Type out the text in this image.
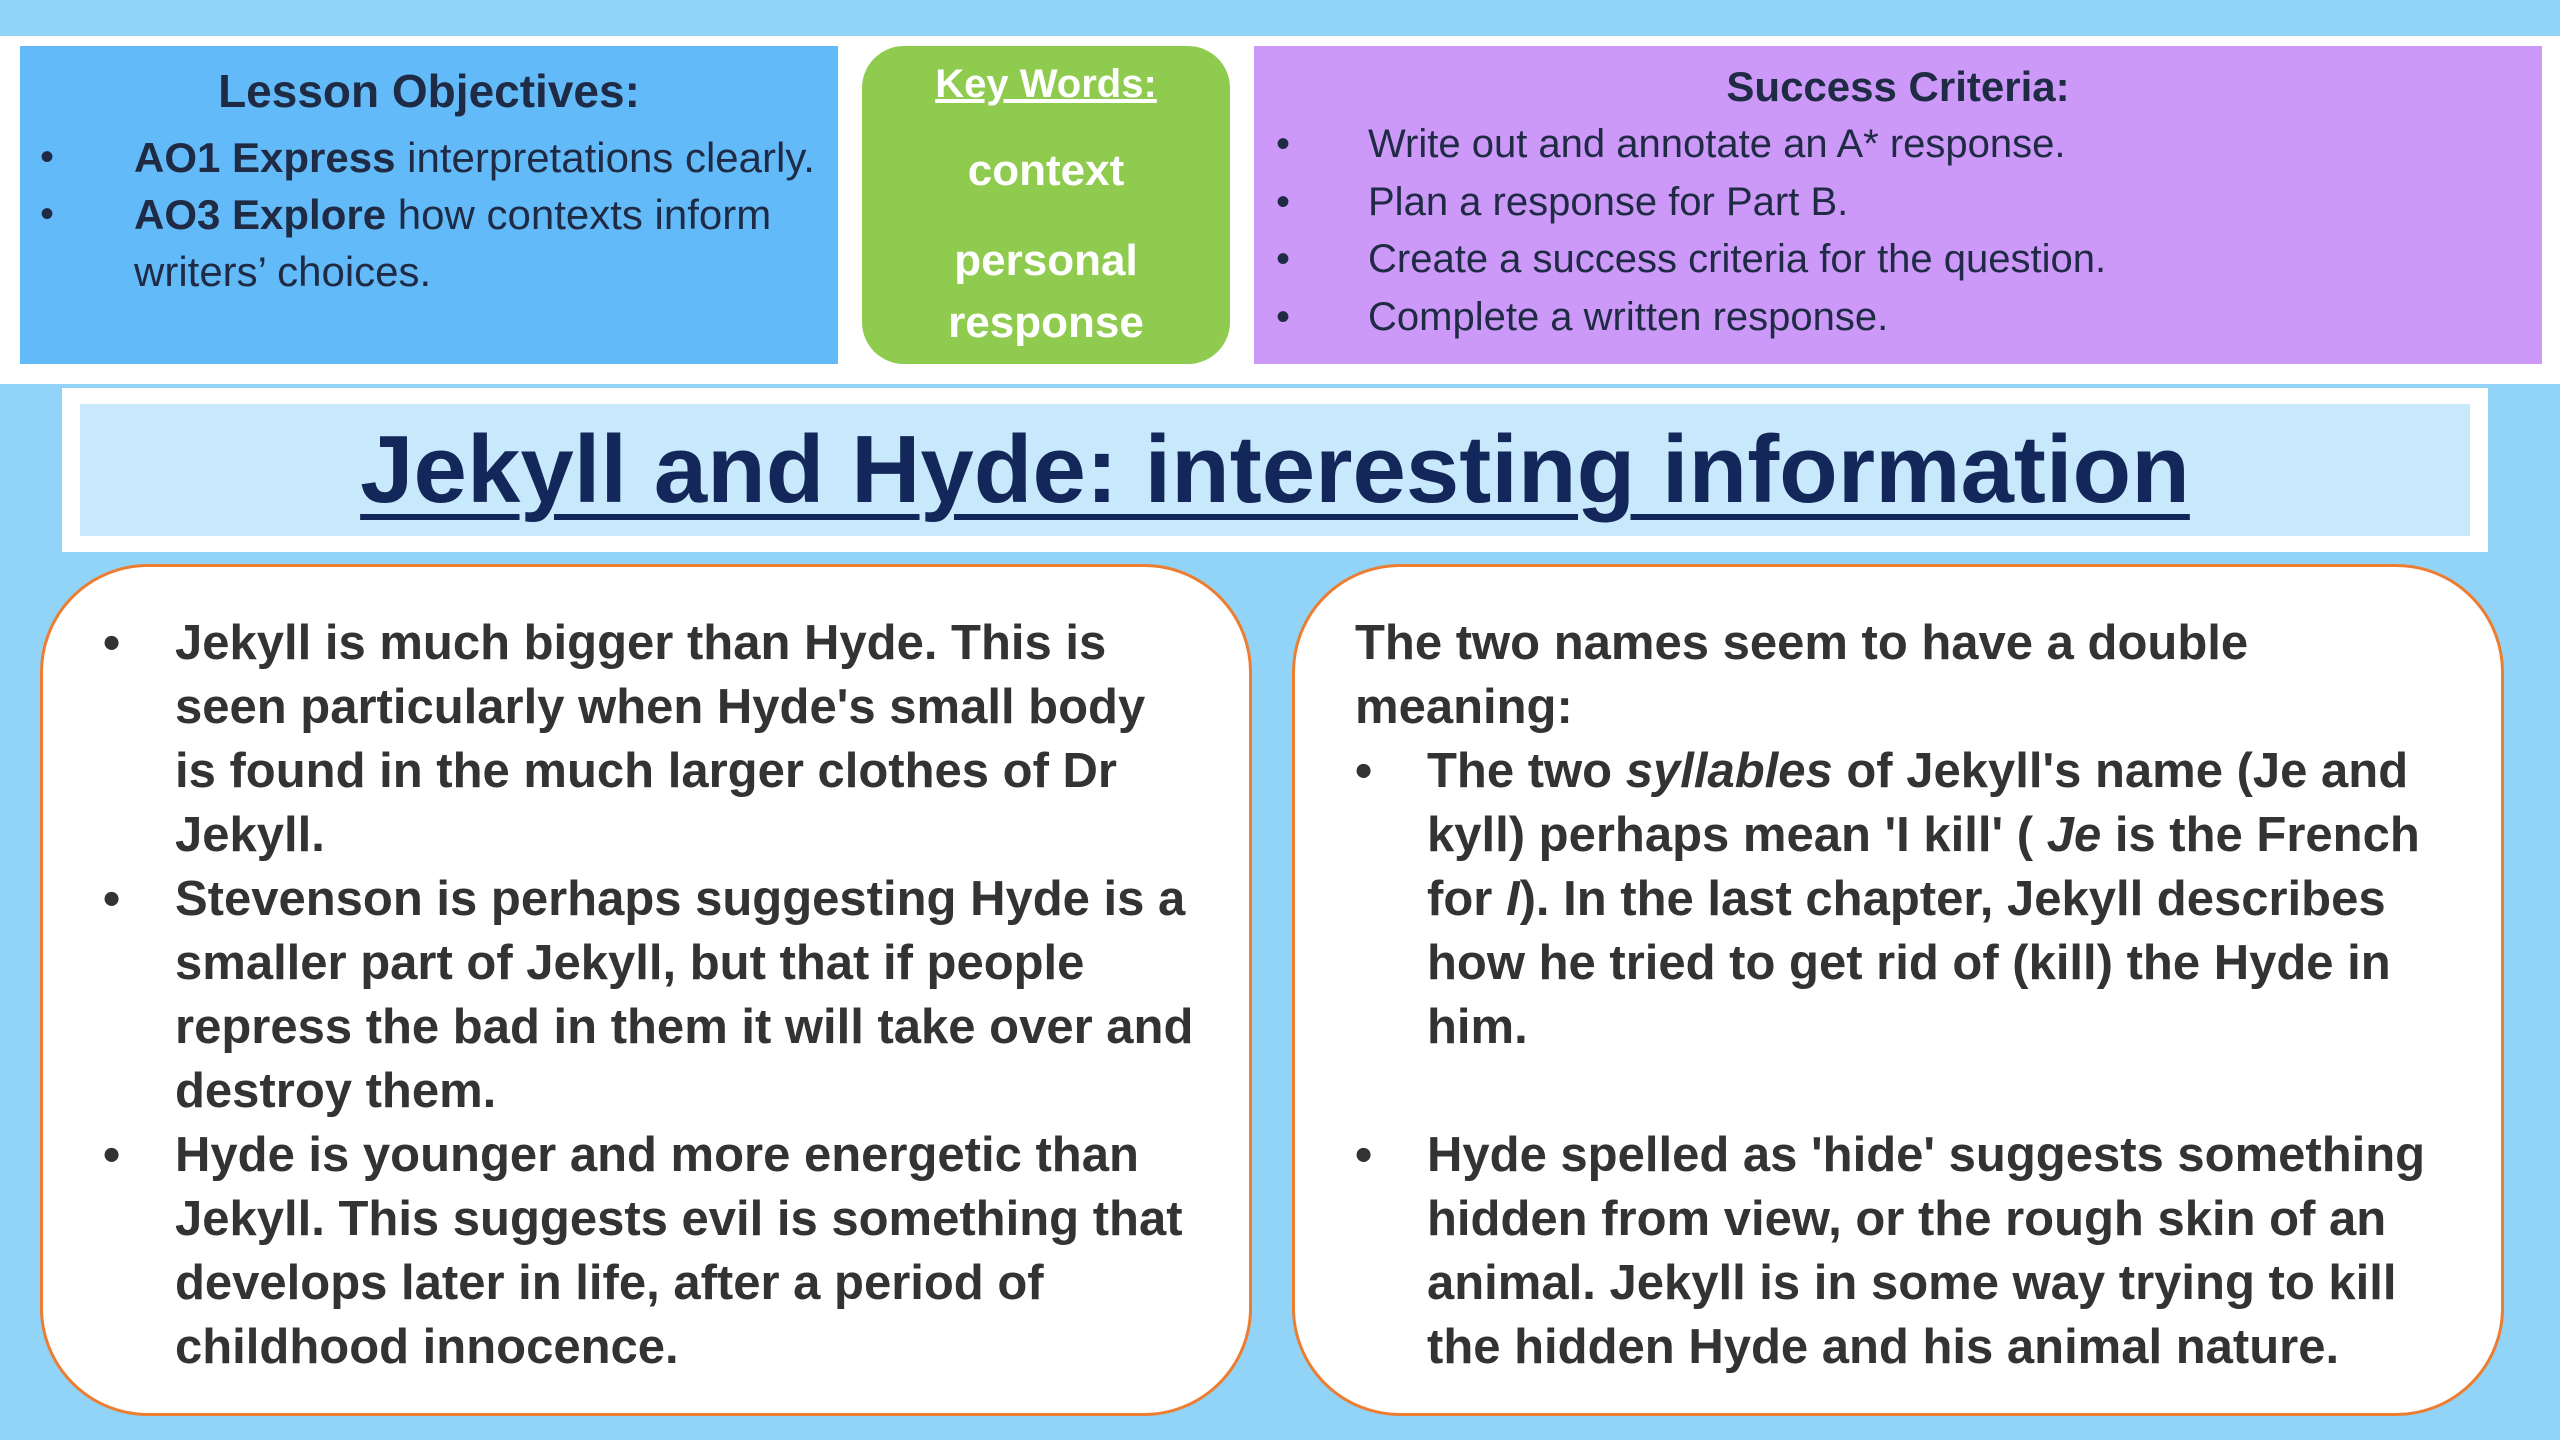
Lesson Objectives:
• AO1 Express interpretations clearly.
• AO3 Explore how contexts inform writers’ choices.
Key Words:
context
personal response
Success Criteria:
• Write out and annotate an A* response.
• Plan a response for Part B.
• Create a success criteria for the question.
• Complete a written response.
Jekyll and Hyde: interesting information
• Jekyll is much bigger than Hyde. This is seen particularly when Hyde's small body is found in the much larger clothes of Dr Jekyll.
• Stevenson is perhaps suggesting Hyde is a smaller part of Jekyll, but that if people repress the bad in them it will take over and destroy them.
• Hyde is younger and more energetic than Jekyll. This suggests evil is something that develops later in life, after a period of childhood innocence.
The two names seem to have a double meaning:
• The two syllables of Jekyll's name (Je and kyll) perhaps mean 'I kill' ( Je is the French for I). In the last chapter, Jekyll describes how he tried to get rid of (kill) the Hyde in him.
• Hyde spelled as 'hide' suggests something hidden from view, or the rough skin of an animal. Jekyll is in some way trying to kill the hidden Hyde and his animal nature.
